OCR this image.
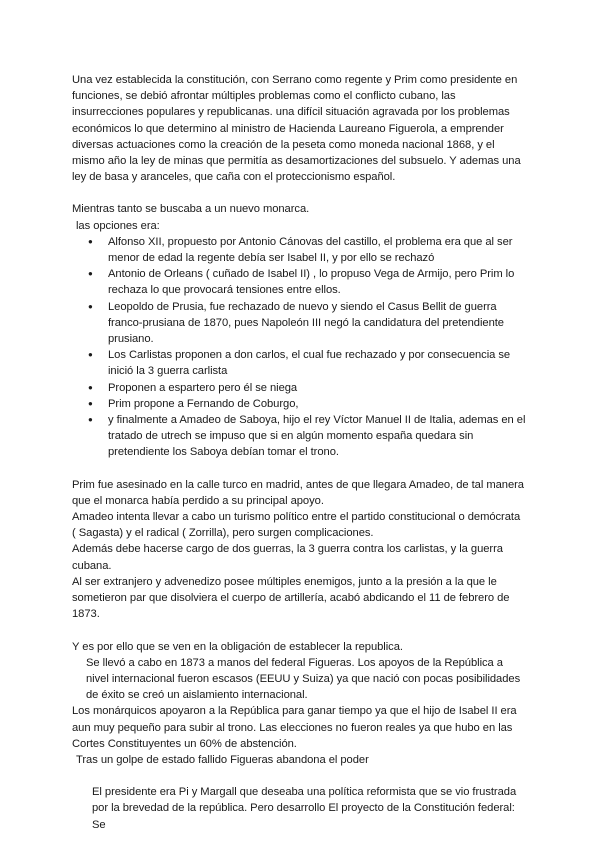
Una vez establecida la constitución, con Serrano como regente y Prim como presidente en funciones, se debió afrontar múltiples problemas como el conflicto cubano, las insurrecciones populares y republicanas. una difícil situación agravada por los problemas económicos lo que determino al ministro de Hacienda Laureano Figuerola, a emprender diversas actuaciones como la creación de la peseta como moneda nacional 1868, y el mismo año la ley de minas que permitía as desamortizaciones del subsuelo. Y ademas una ley de basa y aranceles, que caña con el proteccionismo español.

Mientras tanto se buscaba a un nuevo monarca.

las opciones era:

● Alfonso XII, propuesto por Antonio Cánovas del castillo, el problema era que al ser menor de edad la regente debía ser Isabel II, y por ello se rechazó
● Antonio de Orleans ( cuñado de Isabel II) , lo propuso Vega de Armijo, pero Prim lo rechaza lo que provocará tensiones entre ellos.
● Leopoldo de Prusia, fue rechazado de nuevo y siendo el Casus Bellit de guerra franco-prusiana de 1870, pues Napoleón III negó la candidatura del pretendiente prusiano.
● Los Carlistas proponen a don carlos, el cual fue rechazado y por consecuencia se inició la 3 guerra carlista
● Proponen a espartero pero él se niega
● Prim propone a Fernando de Coburgo,
● y finalmente a Amadeo de Saboya, hijo el rey Víctor Manuel II de Italia, ademas en el tratado de utrech se impuso que si en algún momento españa quedara sin pretendiente los Saboya debían tomar el trono.

Prim fue asesinado en la calle turco en madrid, antes de que llegara Amadeo, de tal manera que el monarca había perdido a su principal apoyo.

Amadeo intenta llevar a cabo un turismo político entre el partido constitucional o demócrata ( Sagasta) y el radical ( Zorrilla), pero surgen complicaciones.

Además debe hacerse cargo de dos guerras, la 3 guerra contra los carlistas, y la guerra cubana.

Al ser extranjero y advenedizo posee múltiples enemigos, junto a la presión a la que le sometieron par que disolviera el cuerpo de artillería, acabó abdicando el 11 de febrero de 1873.

Y es por ello que se ven en la obligación de establecer la republica.

Se llevó a cabo en 1873 a manos del federal Figueras. Los apoyos de la República a nivel internacional fueron escasos (EEUU y Suiza) ya que nació con pocas posibilidades de éxito se creó un aislamiento internacional.

Los monárquicos apoyaron a la República para ganar tiempo ya que el hijo de Isabel II era aun muy pequeño para subir al trono. Las elecciones no fueron reales ya que hubo en las Cortes Constituyentes un 60% de abstención.

Tras un golpe de estado fallido Figueras abandona el poder

El presidente era Pi y Margall que deseaba una política reformista que se vio frustrada por la brevedad de la república. Pero desarrollo El proyecto de la Constitución federal: Se
